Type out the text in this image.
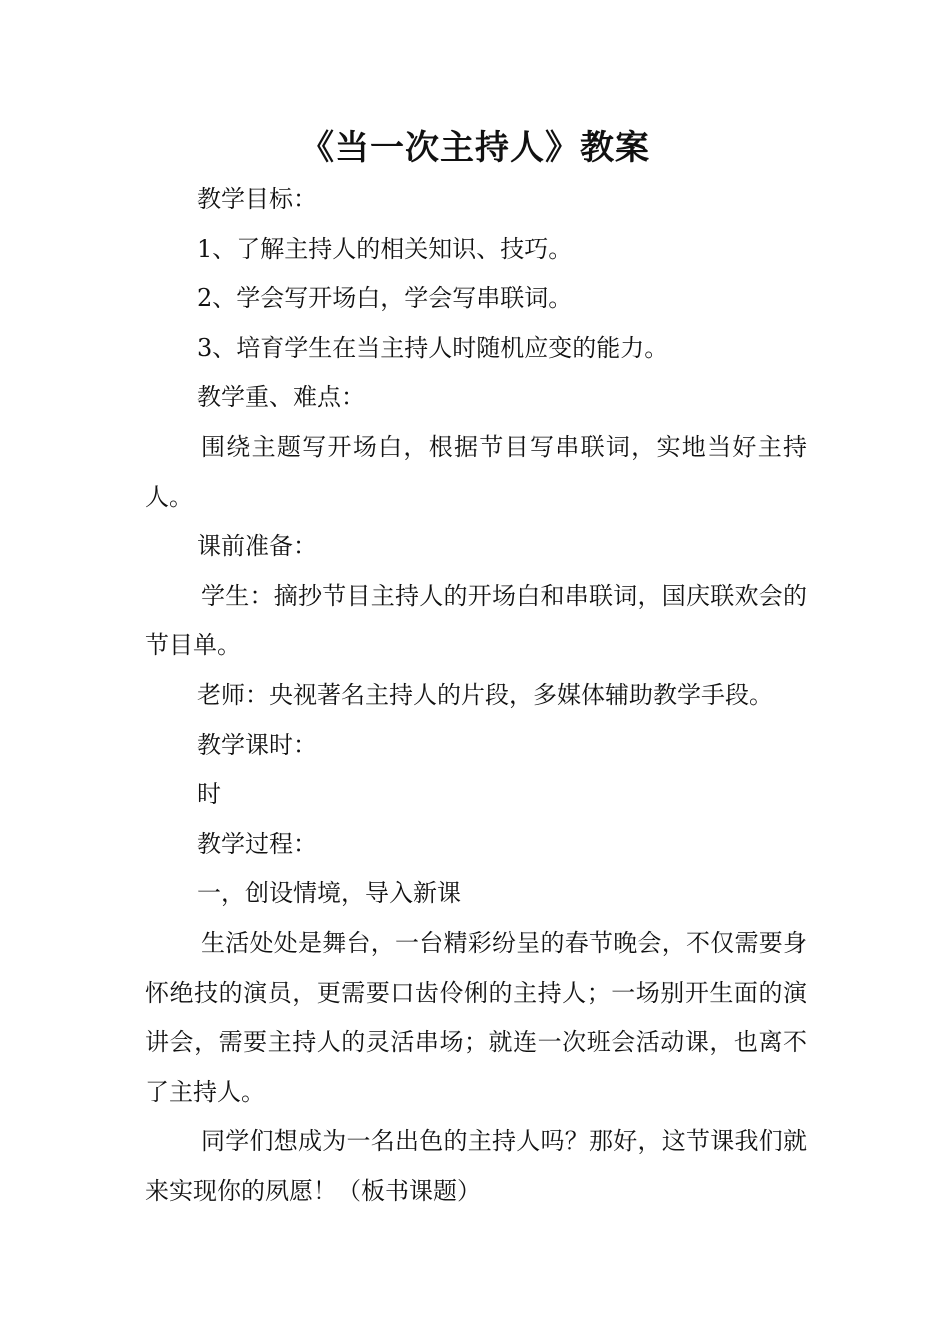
《当一次主持人》教案

教学目标：

1、了解主持人的相关知识、技巧。

2、学会写开场白，学会写串联词。

3、培育学生在当主持人时随机应变的能力。

教学重、难点：

围绕主题写开场白，根据节目写串联词，实地当好主持人。

课前准备：

学生：摘抄节目主持人的开场白和串联词，国庆联欢会的节目单。

老师：央视著名主持人的片段，多媒体辅助教学手段。

教学课时：

时

教学过程：

一，创设情境，导入新课

生活处处是舞台，一台精彩纷呈的春节晚会，不仅需要身怀绝技的演员，更需要口齿伶俐的主持人；一场别开生面的演讲会，需要主持人的灵活串场；就连一次班会活动课，也离不了主持人。

同学们想成为一名出色的主持人吗？那好，这节课我们就来实现你的夙愿！（板书课题）
